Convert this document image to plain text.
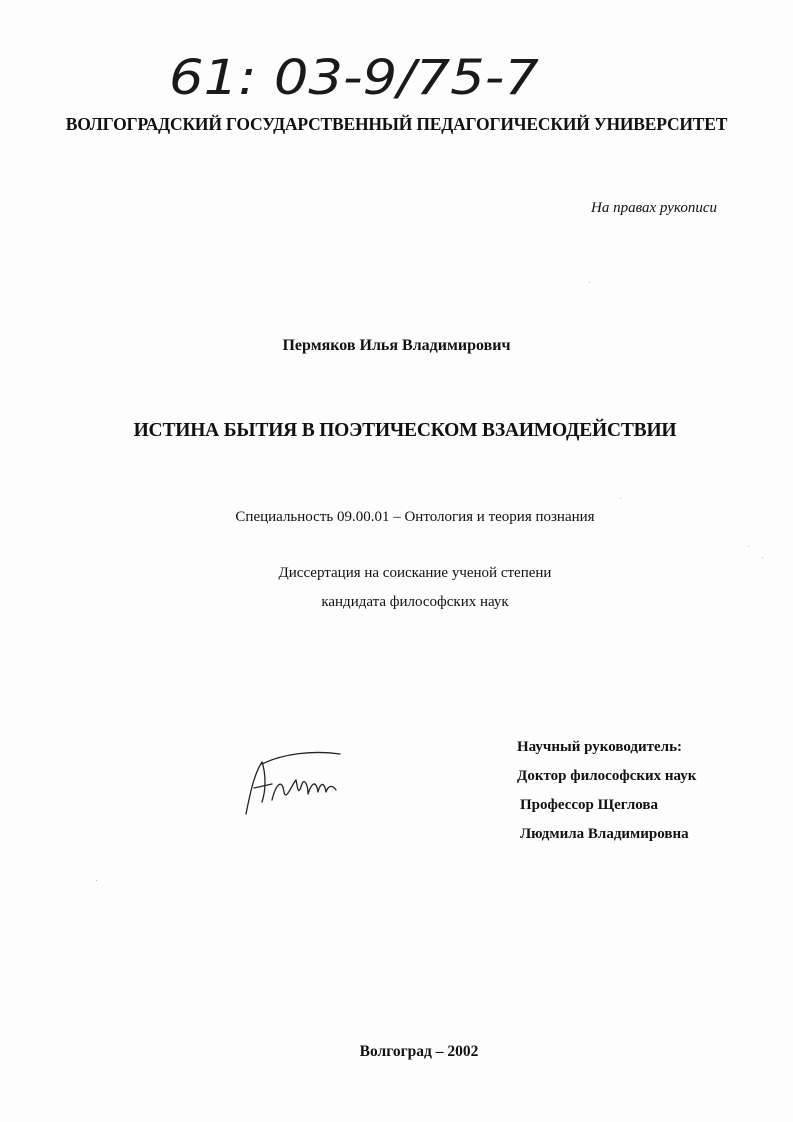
61: 03-9/75-7
ВОЛГОГРАДСКИЙ ГОСУДАРСТВЕННЫЙ ПЕДАГОГИЧЕСКИЙ УНИВЕРСИТЕТ
На правах рукописи
Пермяков Илья Владимирович
ИСТИНА БЫТИЯ В ПОЭТИЧЕСКОМ ВЗАИМОДЕЙСТВИИ
Специальность 09.00.01 – Онтология и теория познания
Диссертация на соискание ученой степени
кандидата философских наук
Научный руководитель:
Доктор философских наук
Профессор Щеглова
Людмила Владимировна
Волгоград – 2002
